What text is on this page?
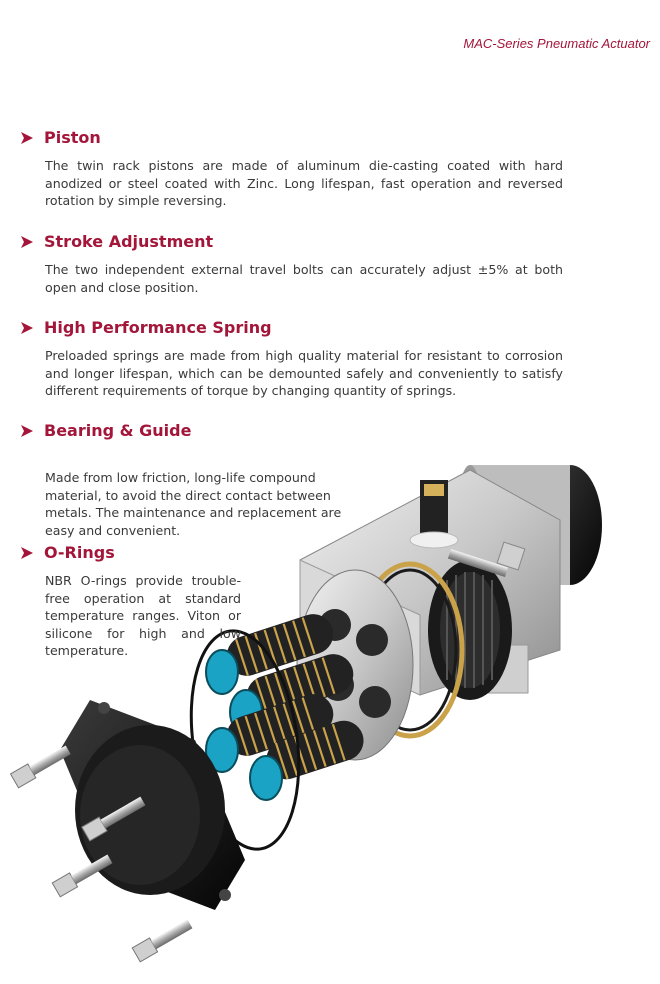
MAC-Series Pneumatic Actuator
Piston

The twin rack pistons are made of aluminum die-casting coated with hard anodized or steel coated with Zinc. Long lifespan, fast operation and reversed rotation by simple reversing.

Stroke Adjustment

The two independent external travel bolts can accurately adjust ±5% at both open and close position.

High Performance Spring

Preloaded springs are made from high quality material for resistant to corrosion and longer lifespan, which can be demounted safely and conveniently to satisfy different requirements of torque by changing quantity of springs.

Bearing & Guide

Made from low friction, long-life compound material, to avoid the direct contact between metals. The maintenance and replacement are easy and convenient.

O-Rings

NBR O-rings provide trouble-free operation at standard temperature ranges. Viton or silicone for high and low temperature.
